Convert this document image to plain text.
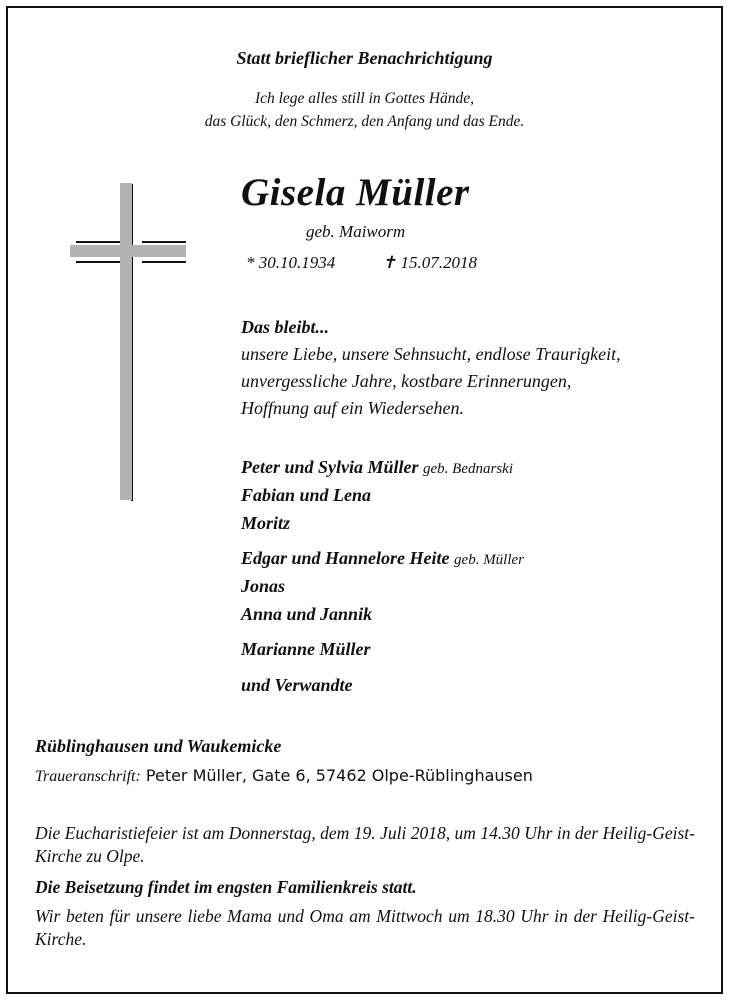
Statt brieflicher Benachrichtigung
Ich lege alles still in Gottes Hände,
das Glück, den Schmerz, den Anfang und das Ende.
Gisela Müller
geb. Maiworm
* 30.10.1934	✝ 15.07.2018
Das bleibt...
unsere Liebe, unsere Sehnsucht, endlose Traurigkeit,
unvergessliche Jahre, kostbare Erinnerungen,
Hoffnung auf ein Wiedersehen.
Peter und Sylvia Müller geb. Bednarski
Fabian und Lena
Moritz
Edgar und Hannelore Heite geb. Müller
Jonas
Anna und Jannik
Marianne Müller
und Verwandte
Rüblinghausen und Waukemicke
Traueranschrift: Peter Müller, Gate 6, 57462 Olpe-Rüblinghausen
Die Eucharistiefeier ist am Donnerstag, dem 19. Juli 2018, um 14.30 Uhr in der Heilig-Geist-Kirche zu Olpe.
Die Beisetzung findet im engsten Familienkreis statt.
Wir beten für unsere liebe Mama und Oma am Mittwoch um 18.30 Uhr in der Heilig-Geist-Kirche.
